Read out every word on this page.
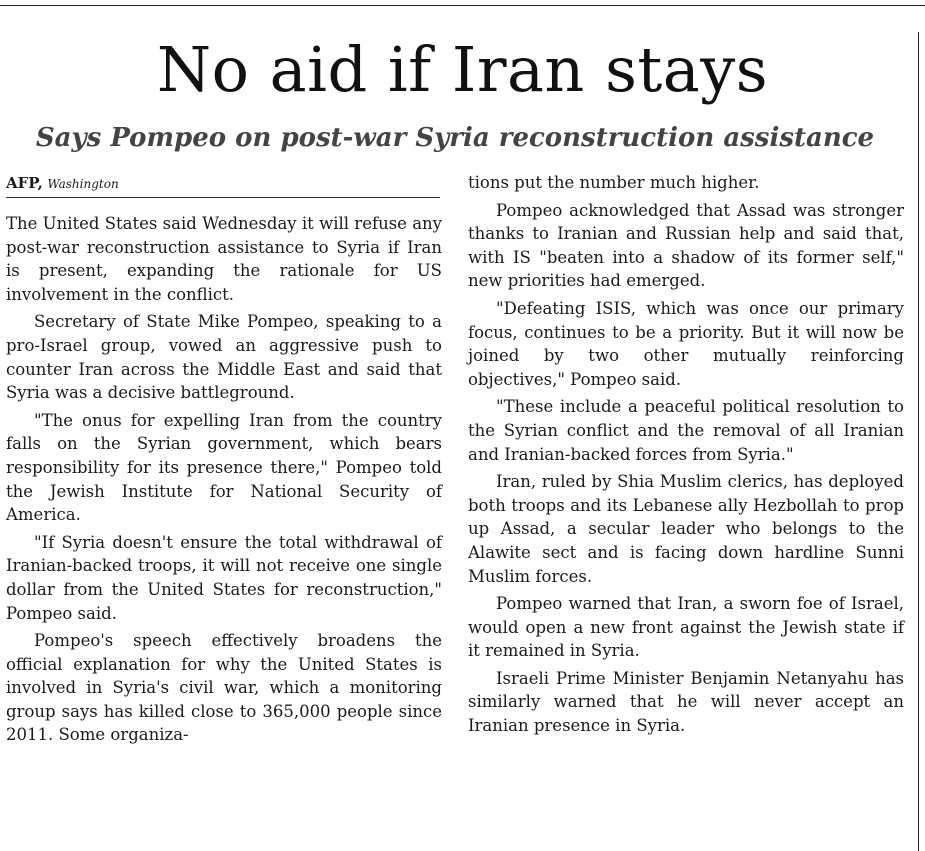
No aid if Iran stays
Says Pompeo on post-war Syria reconstruction assistance
AFP, Washington

The United States said Wednesday it will refuse any post-war reconstruction assistance to Syria if Iran is present, expanding the rationale for US involvement in the conflict.

Secretary of State Mike Pompeo, speaking to a pro-Israel group, vowed an aggressive push to counter Iran across the Middle East and said that Syria was a decisive battleground.

"The onus for expelling Iran from the country falls on the Syrian government, which bears responsibility for its presence there," Pompeo told the Jewish Institute for National Security of America.

"If Syria doesn't ensure the total withdrawal of Iranian-backed troops, it will not receive one single dollar from the United States for reconstruction," Pompeo said.

Pompeo's speech effectively broadens the official explanation for why the United States is involved in Syria's civil war, which a monitoring group says has killed close to 365,000 people since 2011. Some organiza-

tions put the number much higher.

Pompeo acknowledged that Assad was stronger thanks to Iranian and Russian help and said that, with IS "beaten into a shadow of its former self," new priorities had emerged.

"Defeating ISIS, which was once our primary focus, continues to be a priority. But it will now be joined by two other mutually reinforcing objectives," Pompeo said.

"These include a peaceful political resolution to the Syrian conflict and the removal of all Iranian and Iranian-backed forces from Syria."

Iran, ruled by Shia Muslim clerics, has deployed both troops and its Lebanese ally Hezbollah to prop up Assad, a secular leader who belongs to the Alawite sect and is facing down hardline Sunni Muslim forces.

Pompeo warned that Iran, a sworn foe of Israel, would open a new front against the Jewish state if it remained in Syria.

Israeli Prime Minister Benjamin Netanyahu has similarly warned that he will never accept an Iranian presence in Syria.
